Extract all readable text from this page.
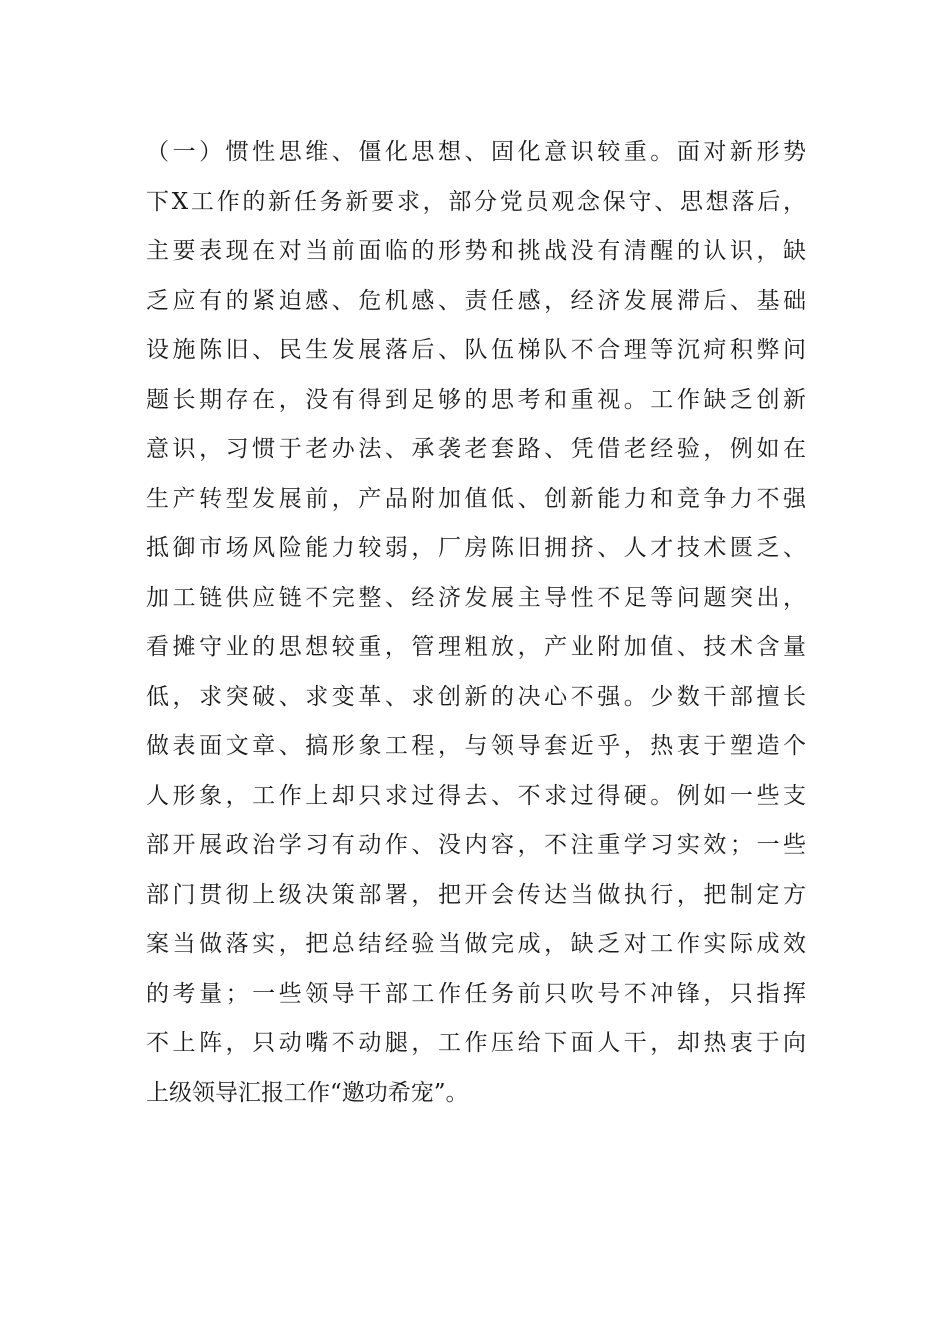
（一）惯性思维、僵化思想、固化意识较重。面对新形势
下X工作的新任务新要求，部分党员观念保守、思想落后，
主要表现在对当前面临的形势和挑战没有清醒的认识，缺
乏应有的紧迫感、危机感、责任感，经济发展滞后、基础
设施陈旧、民生发展落后、队伍梯队不合理等沉疴积弊问
题长期存在，没有得到足够的思考和重视。工作缺乏创新
意识，习惯于老办法、承袭老套路、凭借老经验，例如在
生产转型发展前，产品附加值低、创新能力和竞争力不强
抵御市场风险能力较弱，厂房陈旧拥挤、人才技术匮乏、
加工链供应链不完整、经济发展主导性不足等问题突出，
看摊守业的思想较重，管理粗放，产业附加值、技术含量
低，求突破、求变革、求创新的决心不强。少数干部擅长
做表面文章、搞形象工程，与领导套近乎，热衷于塑造个
人形象，工作上却只求过得去、不求过得硬。例如一些支
部开展政治学习有动作、没内容，不注重学习实效；一些
部门贯彻上级决策部署，把开会传达当做执行，把制定方
案当做落实，把总结经验当做完成，缺乏对工作实际成效
的考量；一些领导干部工作任务前只吹号不冲锋，只指挥
不上阵，只动嘴不动腿，工作压给下面人干，却热衷于向
上级领导汇报工作“邀功希宠”。
